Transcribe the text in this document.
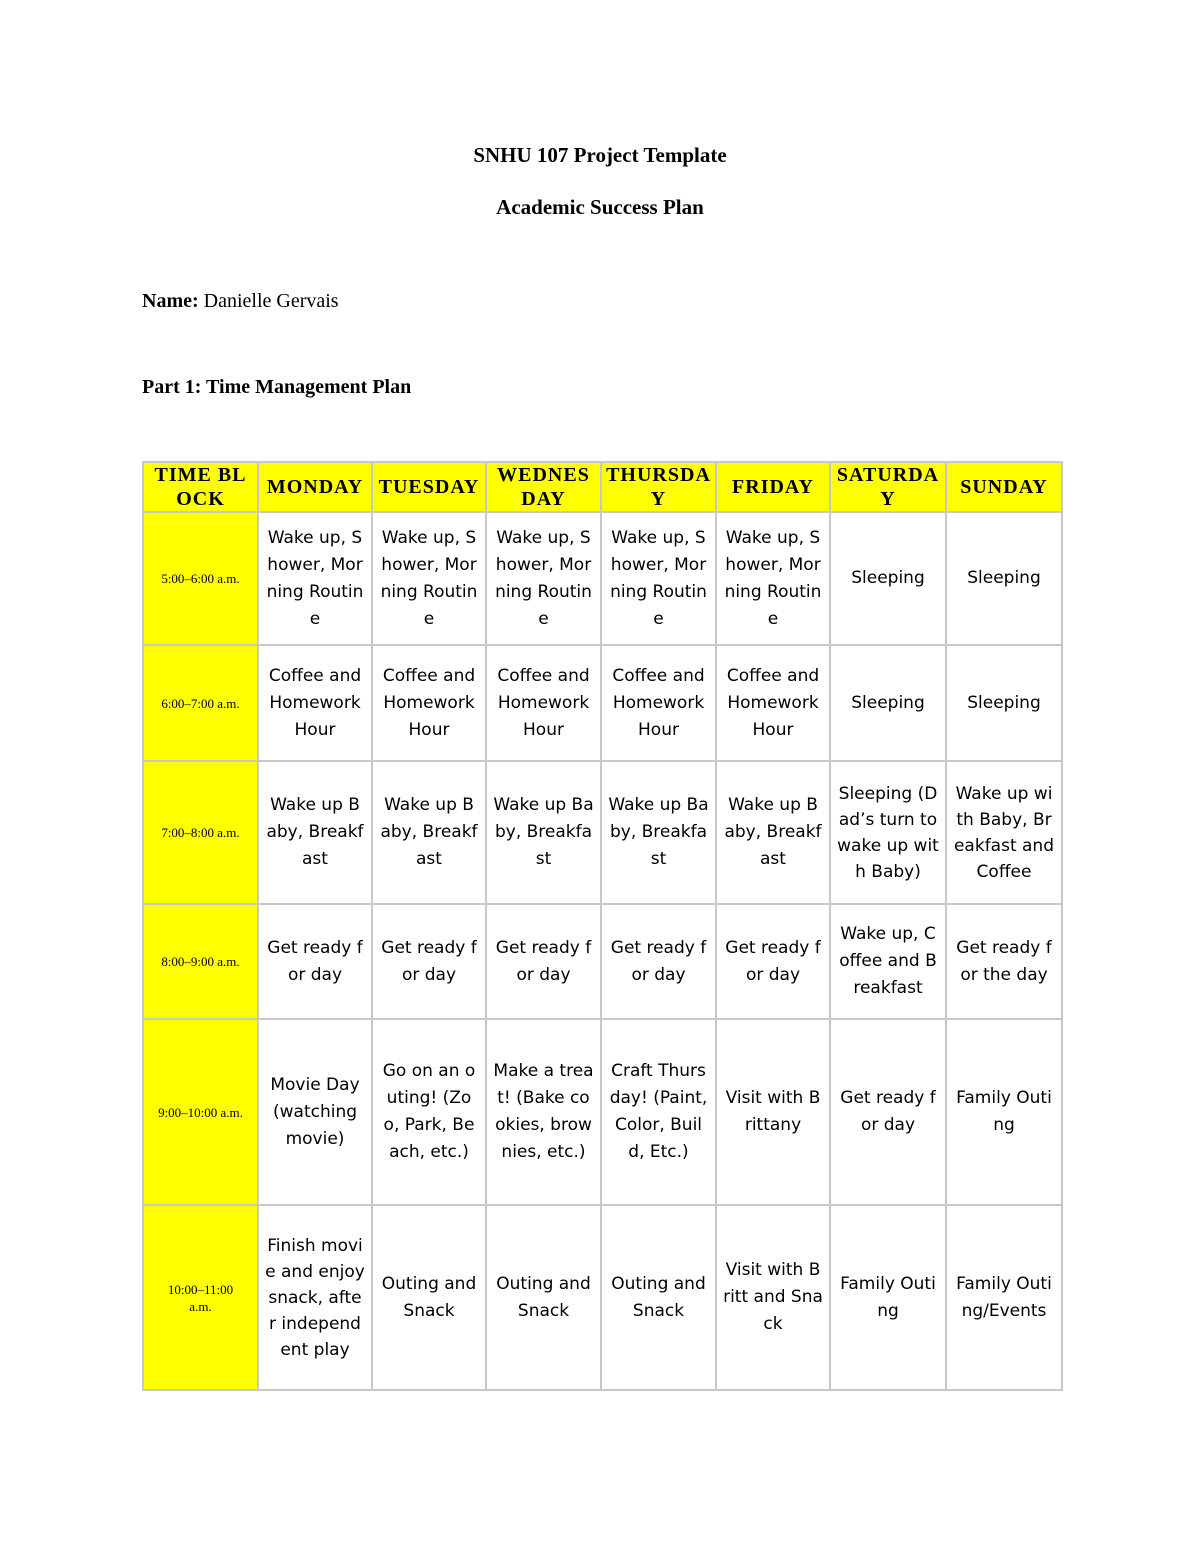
SNHU 107 Project Template
Academic Success Plan
Name: Danielle Gervais
Part 1: Time Management Plan
TIME BLOCK	MONDAY	TUESDAY	WEDNESDAY	THURSDAY	FRIDAY	SATURDAY	SUNDAY
5:00–6:00 a.m.	Wake up, Shower, Morning Routine	Wake up, Shower, Morning Routine	Wake up, Shower, Morning Routine	Wake up, Shower, Morning Routine	Wake up, Shower, Morning Routine	Sleeping	Sleeping
6:00–7:00 a.m.	Coffee and Homework Hour	Coffee and Homework Hour	Coffee and Homework Hour	Coffee and Homework Hour	Coffee and Homework Hour	Sleeping	Sleeping
7:00–8:00 a.m.	Wake up Baby, Breakfast	Wake up Baby, Breakfast	Wake up Baby, Breakfast	Wake up Baby, Breakfast	Wake up Baby, Breakfast	Sleeping (Dad’s turn to wake up with Baby)	Wake up with Baby, Breakfast and Coffee
8:00–9:00 a.m.	Get ready for day	Get ready for day	Get ready for day	Get ready for day	Get ready for day	Wake up, Coffee and Breakfast	Get ready for the day
9:00–10:00 a.m.	Movie Day (watching movie)	Go on an outing! (Zoo, Park, Beach, etc.)	Make a treat! (Bake cookies, brownies, etc.)	Craft Thursday! (Paint, Color, Build, Etc.)	Visit with Brittany	Get ready for day	Family Outing
10:00–11:00 a.m.	Finish movie and enjoy snack, after independent play	Outing and Snack	Outing and Snack	Outing and Snack	Visit with Britt and Snack	Family Outing	Family Outing/Events
